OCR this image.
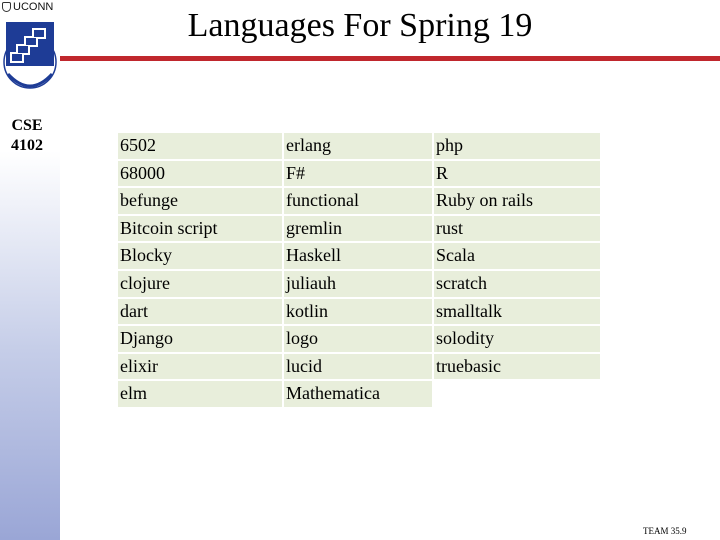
UCONN
CSE
4102
Languages For Spring 19
6502	erlang	php
68000	F#	R
befunge	functional	Ruby on rails
Bitcoin script	gremlin	rust
Blocky	Haskell	Scala
clojure	juliauh	scratch
dart	kotlin	smalltalk
Django	logo	solodity
elixir	lucid	truebasic
elm	Mathematica
TEAM 35.9
